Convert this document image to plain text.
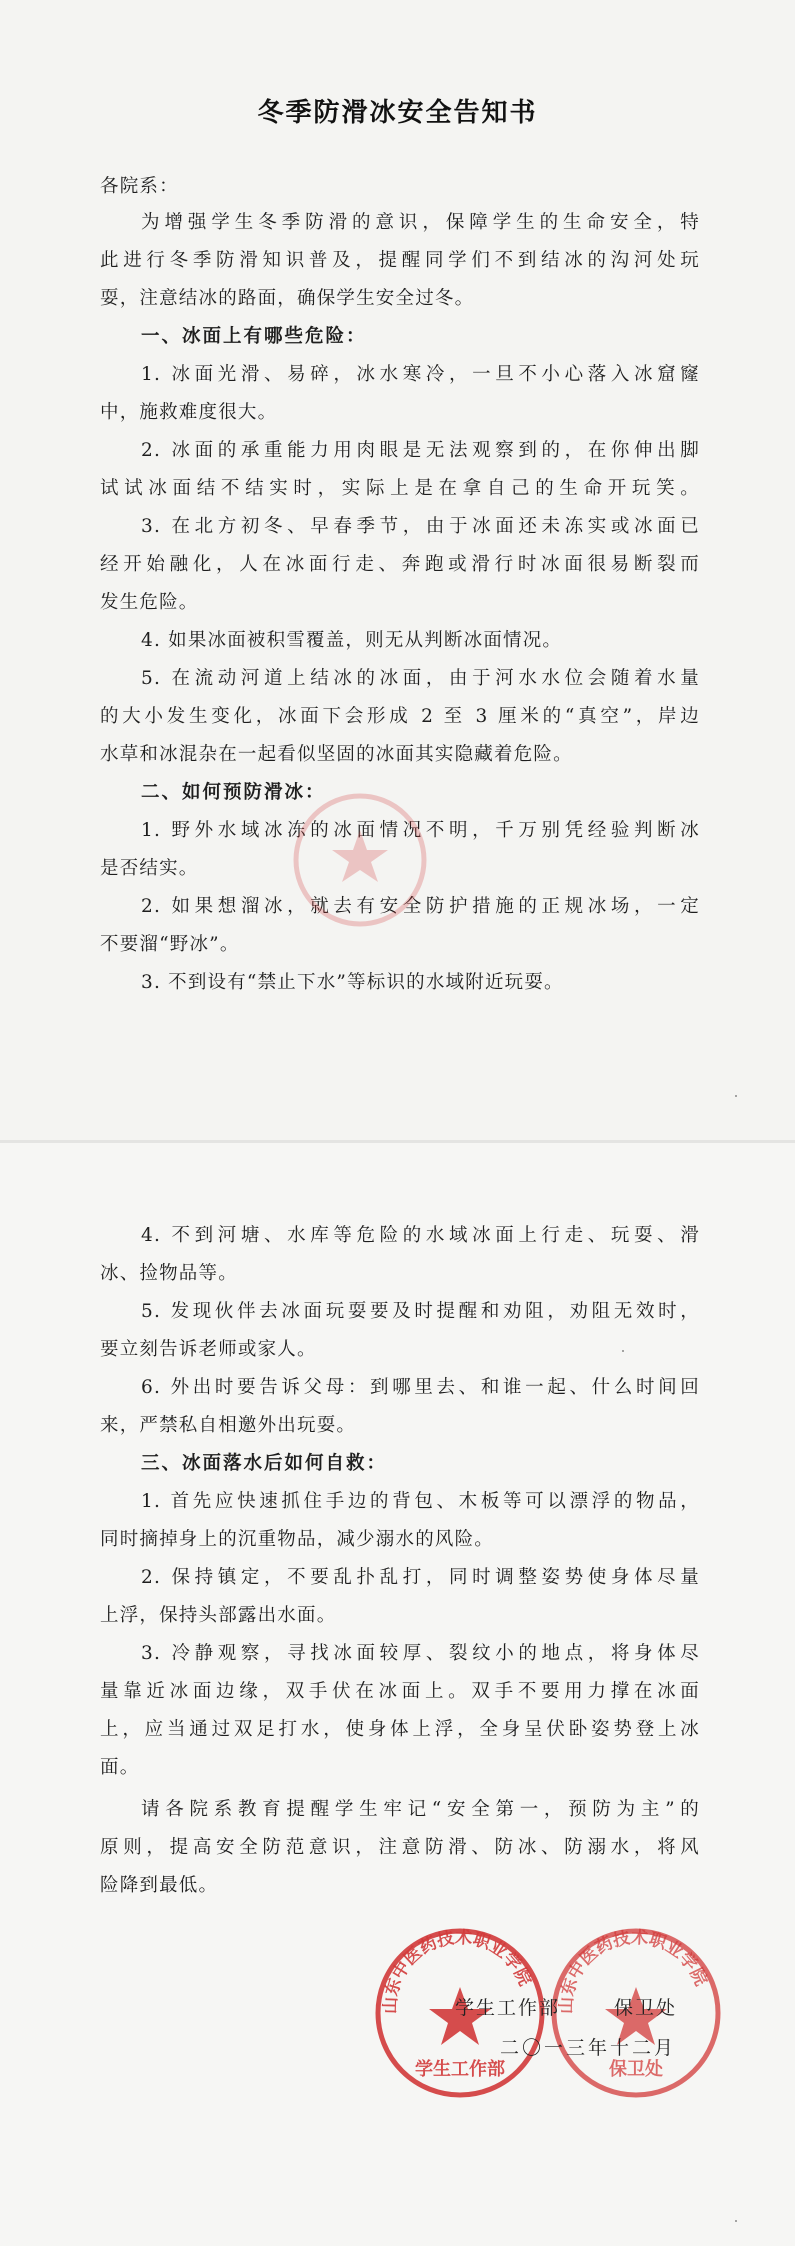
冬季防滑冰安全告知书
各院系：
为增强学生冬季防滑的意识，保障学生的生命安全，特
此进行冬季防滑知识普及，提醒同学们不到结冰的沟河处玩
耍，注意结冰的路面，确保学生安全过冬。
一、冰面上有哪些危险：
1. 冰面光滑、易碎，冰水寒冷，一旦不小心落入冰窟窿
中，施救难度很大。
2. 冰面的承重能力用肉眼是无法观察到的，在你伸出脚
试试冰面结不结实时，实际上是在拿自己的生命开玩笑。
3. 在北方初冬、早春季节，由于冰面还未冻实或冰面已
经开始融化，人在冰面行走、奔跑或滑行时冰面很易断裂而
发生危险。
4. 如果冰面被积雪覆盖，则无从判断冰面情况。
5. 在流动河道上结冰的冰面，由于河水水位会随着水量
的大小发生变化，冰面下会形成 2 至 3 厘米的“真空”，岸边
水草和冰混杂在一起看似坚固的冰面其实隐藏着危险。
二、如何预防滑冰：
1. 野外水域冰冻的冰面情况不明，千万别凭经验判断冰
是否结实。
2. 如果想溜冰，就去有安全防护措施的正规冰场，一定
不要溜“野冰”。
3. 不到设有“禁止下水”等标识的水域附近玩耍。
4. 不到河塘、水库等危险的水域冰面上行走、玩耍、滑
冰、捡物品等。
5. 发现伙伴去冰面玩耍要及时提醒和劝阻，劝阻无效时，
要立刻告诉老师或家人。
6. 外出时要告诉父母：到哪里去、和谁一起、什么时间回
来，严禁私自相邀外出玩耍。
三、冰面落水后如何自救：
1. 首先应快速抓住手边的背包、木板等可以漂浮的物品，
同时摘掉身上的沉重物品，减少溺水的风险。
2. 保持镇定，不要乱扑乱打，同时调整姿势使身体尽量
上浮，保持头部露出水面。
3. 冷静观察，寻找冰面较厚、裂纹小的地点，将身体尽
量靠近冰面边缘，双手伏在冰面上。双手不要用力撑在冰面
上，应当通过双足打水，使身体上浮，全身呈伏卧姿势登上冰
面。
请各院系教育提醒学生牢记“安全第一，预防为主”的
原则，提高安全防范意识，注意防滑、防冰、防溺水，将风
险降到最低。
山东中医药技术职业学院
学生工作部
山东中医药技术职业学院
保卫处
学生工作部	保卫处
二〇一三年十二月
